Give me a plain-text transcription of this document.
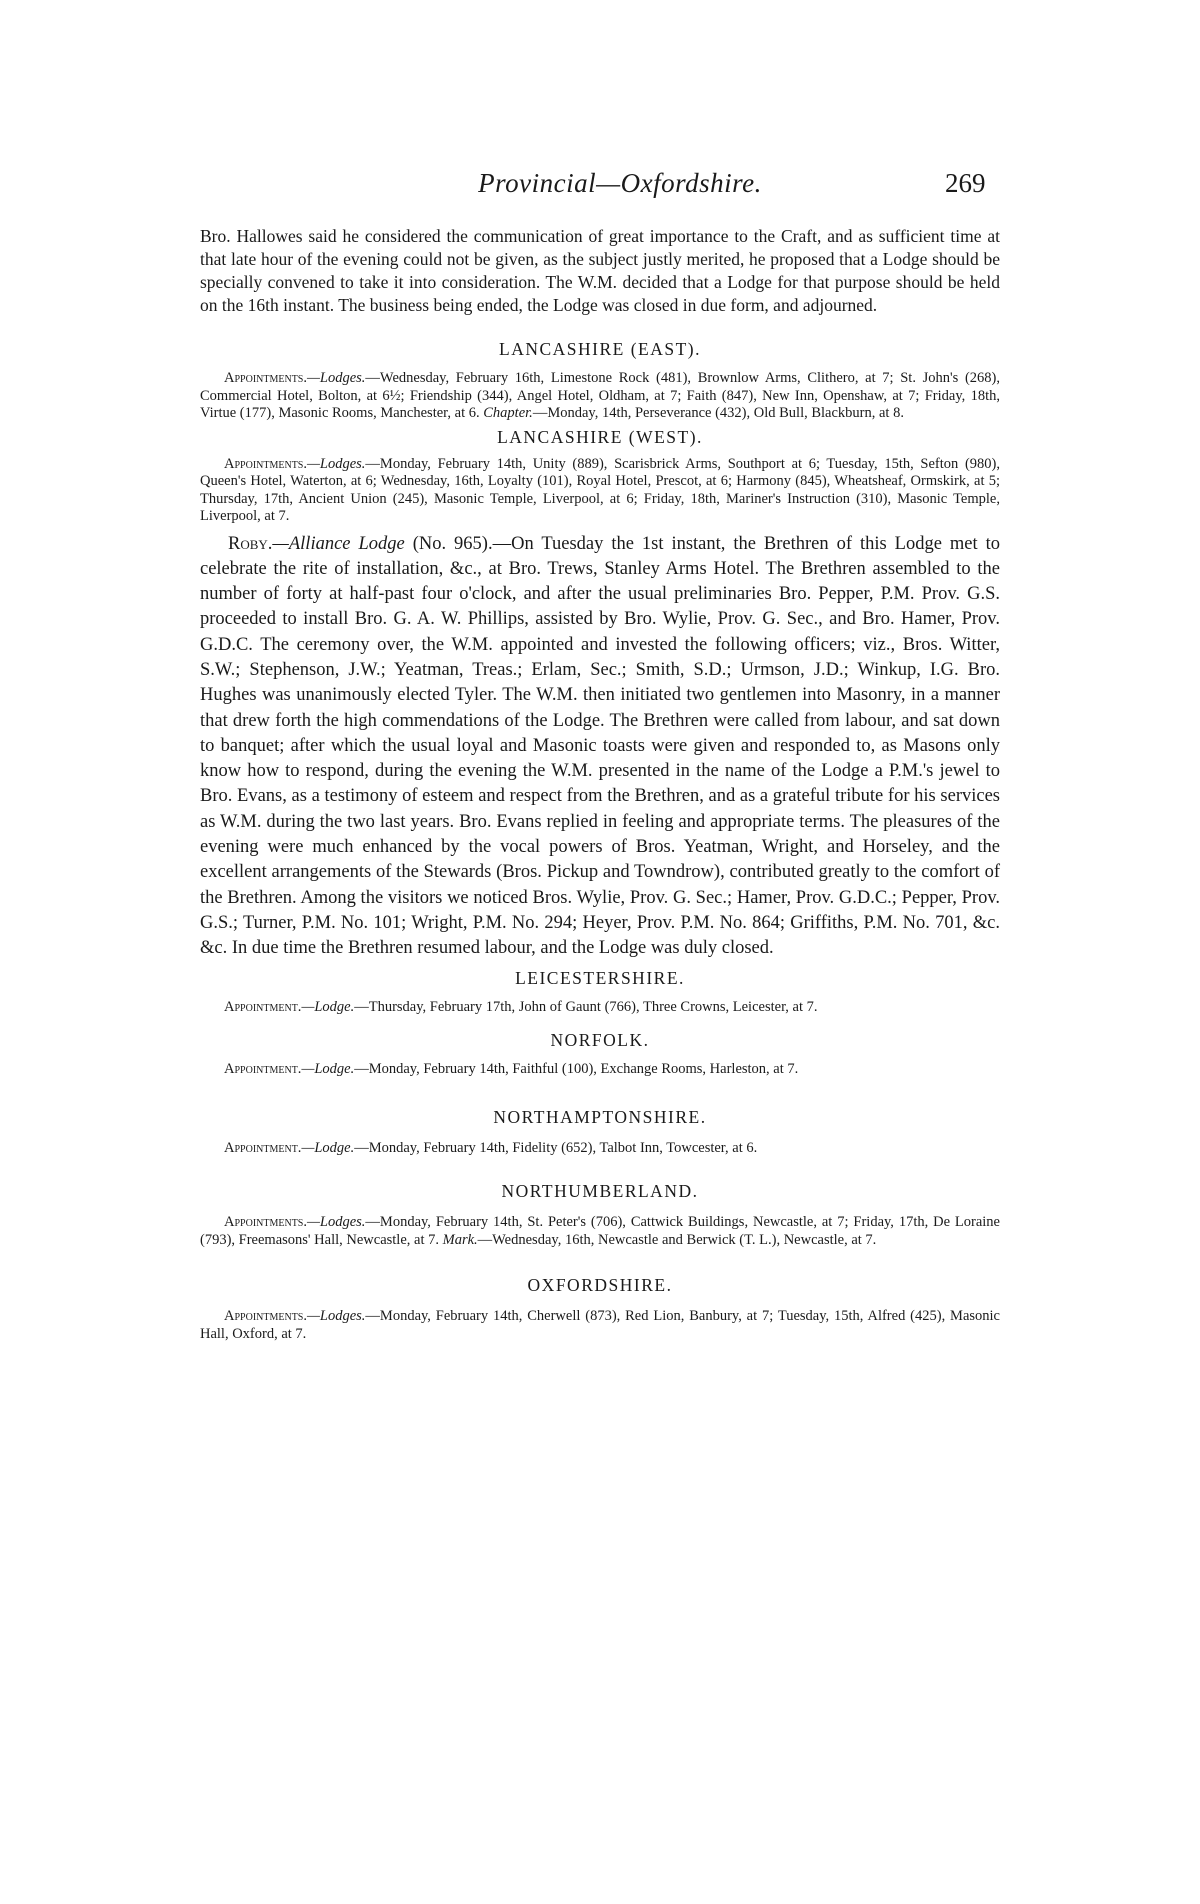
Provincial—Oxfordshire.	269

Bro. Hallowes said he considered the communication of great importance to the Craft, and as sufficient time at that late hour of the evening could not be given, as the subject justly merited, he proposed that a Lodge should be specially convened to take it into consideration. The W.M. decided that a Lodge for that purpose should be held on the 16th instant. The business being ended, the Lodge was closed in due form, and adjourned.

LANCASHIRE (EAST).

Appointments.—Lodges.—Wednesday, February 16th, Limestone Rock (481), Brownlow Arms, Clithero, at 7; St. John's (268), Commercial Hotel, Bolton, at 6½; Friendship (344), Angel Hotel, Oldham, at 7; Faith (847), New Inn, Openshaw, at 7; Friday, 18th, Virtue (177), Masonic Rooms, Manchester, at 6. Chapter.—Monday, 14th, Perseverance (432), Old Bull, Blackburn, at 8.

LANCASHIRE (WEST).

Appointments.—Lodges.—Monday, February 14th, Unity (889), Scarisbrick Arms, Southport at 6; Tuesday, 15th, Sefton (980), Queen's Hotel, Waterton, at 6; Wednesday, 16th, Loyalty (101), Royal Hotel, Prescot, at 6; Harmony (845), Wheatsheaf, Ormskirk, at 5; Thursday, 17th, Ancient Union (245), Masonic Temple, Liverpool, at 6; Friday, 18th, Mariner's Instruction (310), Masonic Temple, Liverpool, at 7.

Roby.—Alliance Lodge (No. 965).—On Tuesday the 1st instant, the Brethren of this Lodge met to celebrate the rite of installation, &c., at Bro. Trews, Stanley Arms Hotel. The Brethren assembled to the number of forty at half-past four o'clock, and after the usual preliminaries Bro. Pepper, P.M. Prov. G.S. proceeded to install Bro. G. A. W. Phillips, assisted by Bro. Wylie, Prov. G. Sec., and Bro. Hamer, Prov. G.D.C. The ceremony over, the W.M. appointed and invested the following officers; viz., Bros. Witter, S.W.; Stephenson, J.W.; Yeatman, Treas.; Erlam, Sec.; Smith, S.D.; Urmson, J.D.; Winkup, I.G. Bro. Hughes was unanimously elected Tyler. The W.M. then initiated two gentlemen into Masonry, in a manner that drew forth the high commendations of the Lodge. The Brethren were called from labour, and sat down to banquet; after which the usual loyal and Masonic toasts were given and responded to, as Masons only know how to respond, during the evening the W.M. presented in the name of the Lodge a P.M.'s jewel to Bro. Evans, as a testimony of esteem and respect from the Brethren, and as a grateful tribute for his services as W.M. during the two last years. Bro. Evans replied in feeling and appropriate terms. The pleasures of the evening were much enhanced by the vocal powers of Bros. Yeatman, Wright, and Horseley, and the excellent arrangements of the Stewards (Bros. Pickup and Towndrow), contributed greatly to the comfort of the Brethren. Among the visitors we noticed Bros. Wylie, Prov. G. Sec.; Hamer, Prov. G.D.C.; Pepper, Prov. G.S.; Turner, P.M. No. 101; Wright, P.M. No. 294; Heyer, Prov. P.M. No. 864; Griffiths, P.M. No. 701, &c. &c. In due time the Brethren resumed labour, and the Lodge was duly closed.

LEICESTERSHIRE.

Appointment.—Lodge.—Thursday, February 17th, John of Gaunt (766), Three Crowns, Leicester, at 7.

NORFOLK.

Appointment.—Lodge.—Monday, February 14th, Faithful (100), Exchange Rooms, Harleston, at 7.

NORTHAMPTONSHIRE.

Appointment.—Lodge.—Monday, February 14th, Fidelity (652), Talbot Inn, Towcester, at 6.

NORTHUMBERLAND.

Appointments.—Lodges.—Monday, February 14th, St. Peter's (706), Cattwick Buildings, Newcastle, at 7; Friday, 17th, De Loraine (793), Freemasons' Hall, Newcastle, at 7. Mark.—Wednesday, 16th, Newcastle and Berwick (T. L.), Newcastle, at 7.

OXFORDSHIRE.

Appointments.—Lodges.—Monday, February 14th, Cherwell (873), Red Lion, Banbury, at 7; Tuesday, 15th, Alfred (425), Masonic Hall, Oxford, at 7.
